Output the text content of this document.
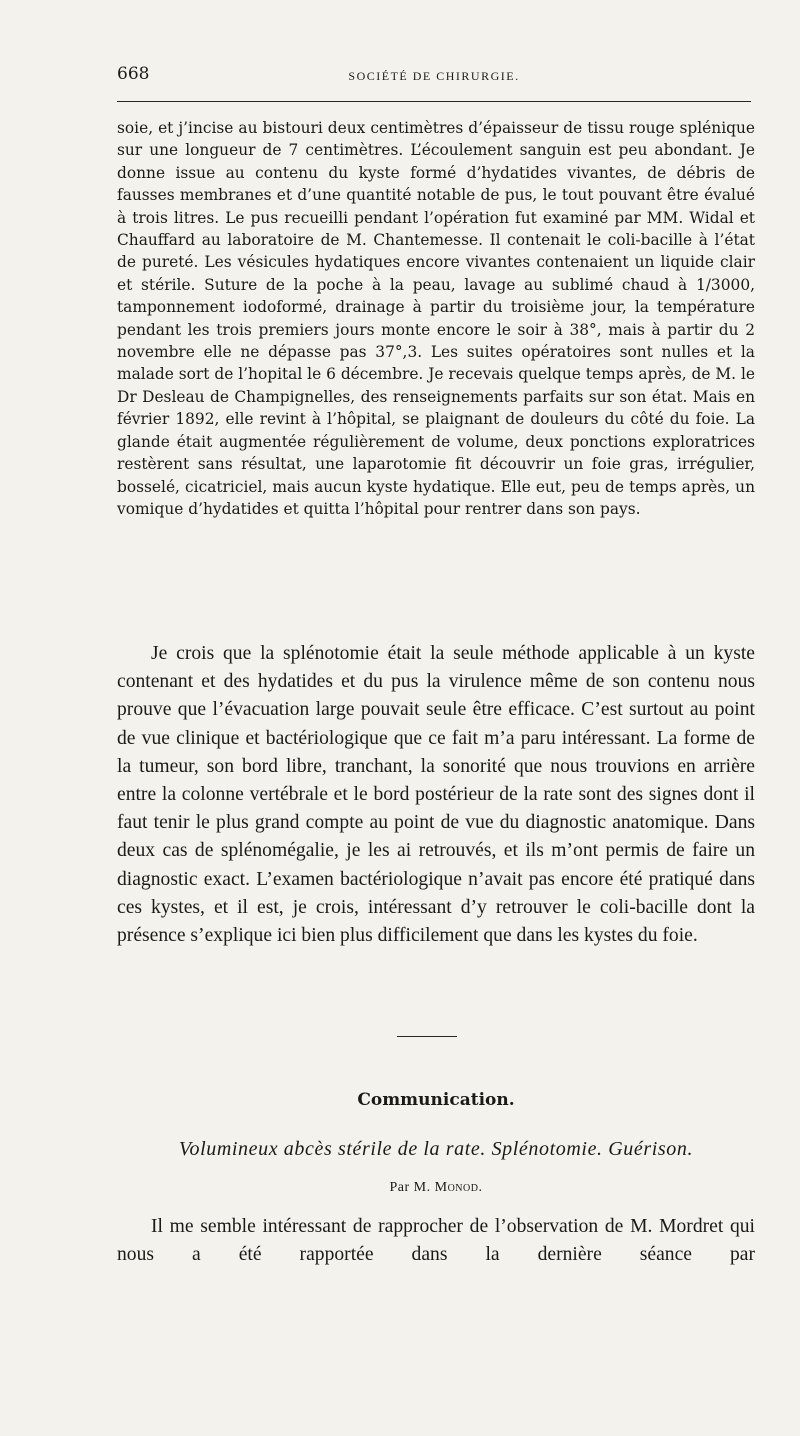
668	SOCIÉTÉ DE CHIRURGIE.

soie, et j’incise au bistouri deux centimètres d’épaisseur de tissu rouge splénique sur une longueur de 7 centimètres. L’écoulement sanguin est peu abondant. Je donne issue au contenu du kyste formé d’hydatides vivantes, de débris de fausses membranes et d’une quantité notable de pus, le tout pouvant être évalué à trois litres. Le pus recueilli pendant l’opération fut examiné par MM. Widal et Chauffard au laboratoire de M. Chantemesse. Il contenait le coli-bacille à l’état de pureté. Les vésicules hydatiques encore vivantes contenaient un liquide clair et stérile. Suture de la poche à la peau, lavage au sublimé chaud à 1/3000, tamponnement iodoformé, drainage à partir du troisième jour, la température pendant les trois premiers jours monte encore le soir à 38°, mais à partir du 2 novembre elle ne dépasse pas 37°,3. Les suites opératoires sont nulles et la malade sort de l’hopital le 6 décembre. Je recevais quelque temps après, de M. le Dr Desleau de Champignelles, des renseignements parfaits sur son état. Mais en février 1892, elle revint à l’hôpital, se plaignant de douleurs du côté du foie. La glande était augmentée régulièrement de volume, deux ponctions exploratrices restèrent sans résultat, une laparotomie fit découvrir un foie gras, irrégulier, bosselé, cicatriciel, mais aucun kyste hydatique. Elle eut, peu de temps après, un vomique d’hydatides et quitta l’hôpital pour rentrer dans son pays.

Je crois que la splénotomie était la seule méthode applicable à un kyste contenant et des hydatides et du pus la virulence même de son contenu nous prouve que l’évacuation large pouvait seule être efficace. C’est surtout au point de vue clinique et bactériologique que ce fait m’a paru intéressant. La forme de la tumeur, son bord libre, tranchant, la sonorité que nous trouvions en arrière entre la colonne vertébrale et le bord postérieur de la rate sont des signes dont il faut tenir le plus grand compte au point de vue du diagnostic anatomique. Dans deux cas de splénomégalie, je les ai retrouvés, et ils m’ont permis de faire un diagnostic exact. L’examen bactériologique n’avait pas encore été pratiqué dans ces kystes, et il est, je crois, intéressant d’y retrouver le coli-bacille dont la présence s’explique ici bien plus difficilement que dans les kystes du foie.

Communication.
Volumineux abcès stérile de la rate. Splénotomie. Guérison.
Par M. Monod.

Il me semble intéressant de rapprocher de l’observation de M. Mordret qui nous a été rapportée dans la dernière séance par
